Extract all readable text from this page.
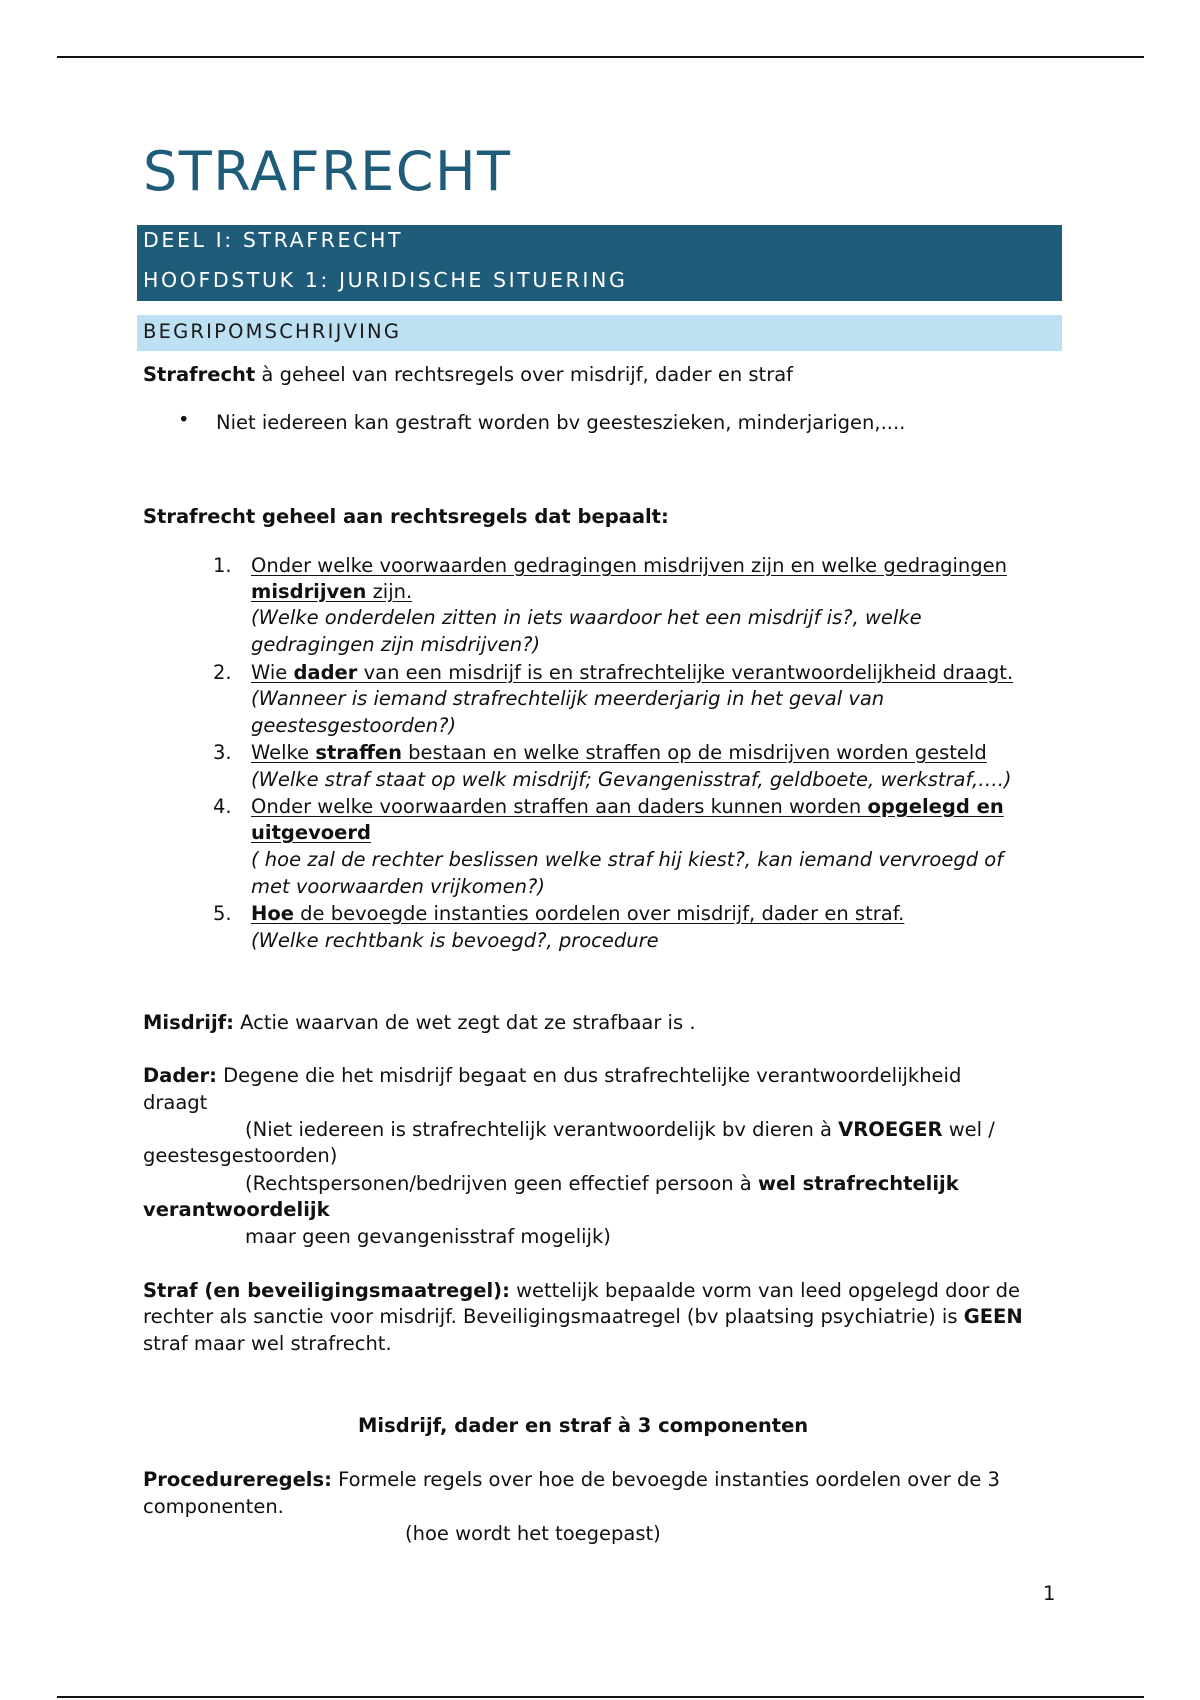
STRAFRECHT
DEEL I: STRAFRECHT
HOOFDSTUK 1: JURIDISCHE SITUERING
BEGRIPOMSCHRIJVING
Strafrecht à geheel van rechtsregels over misdrijf, dader en straf
• Niet iedereen kan gestraft worden bv geesteszieken, minderjarigen,....
Strafrecht geheel aan rechtsregels dat bepaalt:
1. Onder welke voorwaarden gedragingen misdrijven zijn en welke gedragingen
misdrijven zijn.
(Welke onderdelen zitten in iets waardoor het een misdrijf is?, welke
gedragingen zijn misdrijven?)
2. Wie dader van een misdrijf is en strafrechtelijke verantwoordelijkheid draagt.
(Wanneer is iemand strafrechtelijk meerderjarig in het geval van
geestesgestoorden?)
3. Welke straffen bestaan en welke straffen op de misdrijven worden gesteld
(Welke straf staat op welk misdrijf; Gevangenisstraf, geldboete, werkstraf,….)
4. Onder welke voorwaarden straffen aan daders kunnen worden opgelegd en
uitgevoerd
( hoe zal de rechter beslissen welke straf hij kiest?, kan iemand vervroegd of
met voorwaarden vrijkomen?)
5. Hoe de bevoegde instanties oordelen over misdrijf, dader en straf.
(Welke rechtbank is bevoegd?, procedure
Misdrijf: Actie waarvan de wet zegt dat ze strafbaar is .
Dader: Degene die het misdrijf begaat en dus strafrechtelijke verantwoordelijkheid
draagt
(Niet iedereen is strafrechtelijk verantwoordelijk bv dieren à VROEGER wel /
geestesgestoorden)
(Rechtspersonen/bedrijven geen effectief persoon à wel strafrechtelijk
verantwoordelijk
maar geen gevangenisstraf mogelijk)
Straf (en beveiligingsmaatregel): wettelijk bepaalde vorm van leed opgelegd door de
rechter als sanctie voor misdrijf. Beveiligingsmaatregel (bv plaatsing psychiatrie) is GEEN
straf maar wel strafrecht.
Misdrijf, dader en straf à 3 componenten
Procedureregels: Formele regels over hoe de bevoegde instanties oordelen over de 3
componenten.
(hoe wordt het toegepast)
1
